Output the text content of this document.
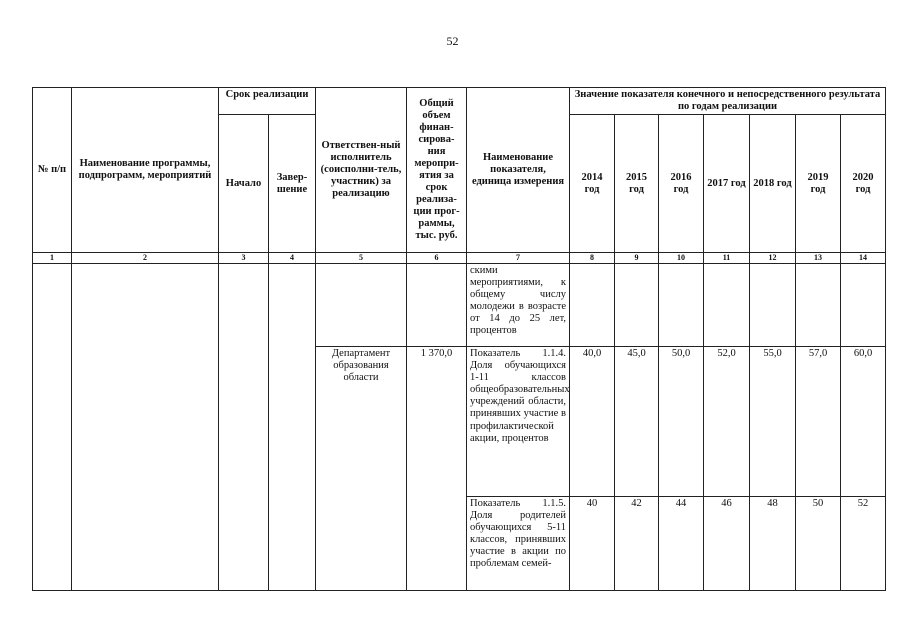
52
№ п/п	Наименование программы, подпрограмм, мероприятий	Срок реализации		Ответствен-ный исполнитель (соисполни-тель, участник) за реализацию	Общий объем финан-сирова-ния меропри-ятия за срок реализа-ции прог-раммы, тыс. руб.	Наименование показателя, единица измерения	Значение показателя конечного и непосредственного результата по годам реализации						
		Начало	Завер-шение				2014 год	2015 год	2016 год	2017 год	2018 год	2019 год	2020 год
1	2	3	4	5	6	7	8	9	10	11	12	13	14
						скими мероприятиями, к общему числу молодежи в возрасте от 14 до 25 лет, процентов							
				Департамент образования области	1 370,0	Показатель 1.1.4. Доля обучающихся 1-11 классов общеобразовательных учреждений области, принявших участие в профилактической акции, процентов	40,0	45,0	50,0	52,0	55,0	57,0	60,0
						Показатель 1.1.5. Доля родителей обучающихся 5-11 классов, принявших участие в акции по проблемам семей-	40	42	44	46	48	50	52
